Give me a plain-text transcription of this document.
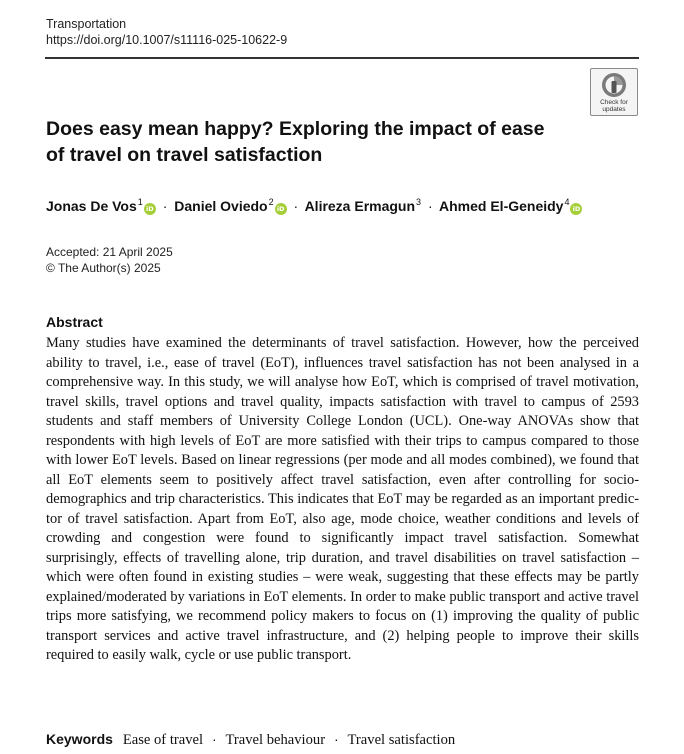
Transportation
https://doi.org/10.1007/s11116-025-10622-9
Check for
updates
Does easy mean happy? Exploring the impact of ease of travel on travel satisfaction
Jonas De Vos$^1$iD · Daniel Oviedo$^2$iD · Alireza Ermagun$^3$ · Ahmed El-Geneidy$^4$iD
Accepted: 21 April 2025
© The Author(s) 2025
Abstract

Many studies have examined the determinants of travel satisfaction. However, how the perceived ability to travel, i.e., ease of travel (EoT), influences travel satisfaction has not been analysed in a comprehensive way. In this study, we will analyse how EoT, which is comprised of travel motivation, travel skills, travel options and travel quality, impacts satisfaction with travel to campus of 2593 students and staff members of University College London (UCL). One-way ANOVAs show that respondents with high levels of EoT are more satisfied with their trips to campus compared to those with lower EoT levels. Based on linear regressions (per mode and all modes combined), we found that all EoT elements seem to positively affect travel satisfaction, even after controlling for socio-demographics and trip characteristics. This indicates that EoT may be regarded as an important predictor of travel satisfaction. Apart from EoT, also age, mode choice, weather conditions and levels of crowding and congestion were found to significantly impact travel satisfaction. Somewhat surprisingly, effects of travelling alone, trip duration, and travel disabilities on travel satisfaction – which were often found in existing studies – were weak, suggesting that these effects may be partly explained/moderated by variations in EoT elements. In order to make public transport and active travel trips more satisfying, we recommend policy makers to focus on (1) improving the quality of public transport services and active travel infrastructure, and (2) helping people to improve their skills required to easily walk, cycle or use public transport.

Keywords Ease of travel · Travel behaviour · Travel satisfaction
